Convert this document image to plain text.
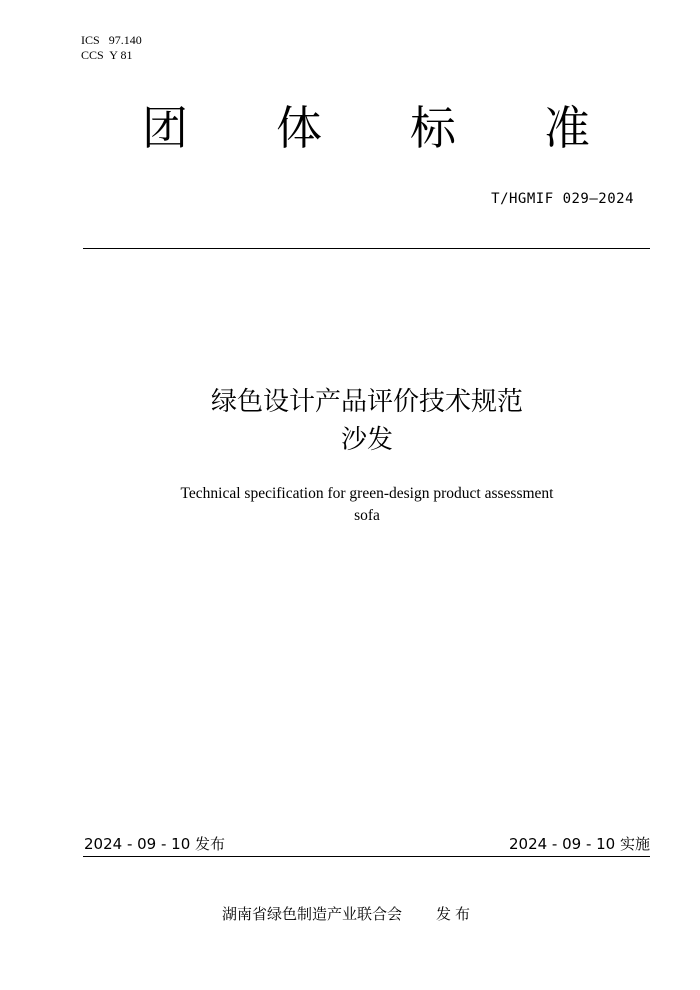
ICS 97.140
CCS Y 81
团 体 标 准
T/HGMIF 029—2024
绿色设计产品评价技术规范
沙发
Technical specification for green-design product assessment
sofa
2024 - 09 - 10 发布	2024 - 09 - 10 实施
湖南省绿色制造产业联合会 发布
